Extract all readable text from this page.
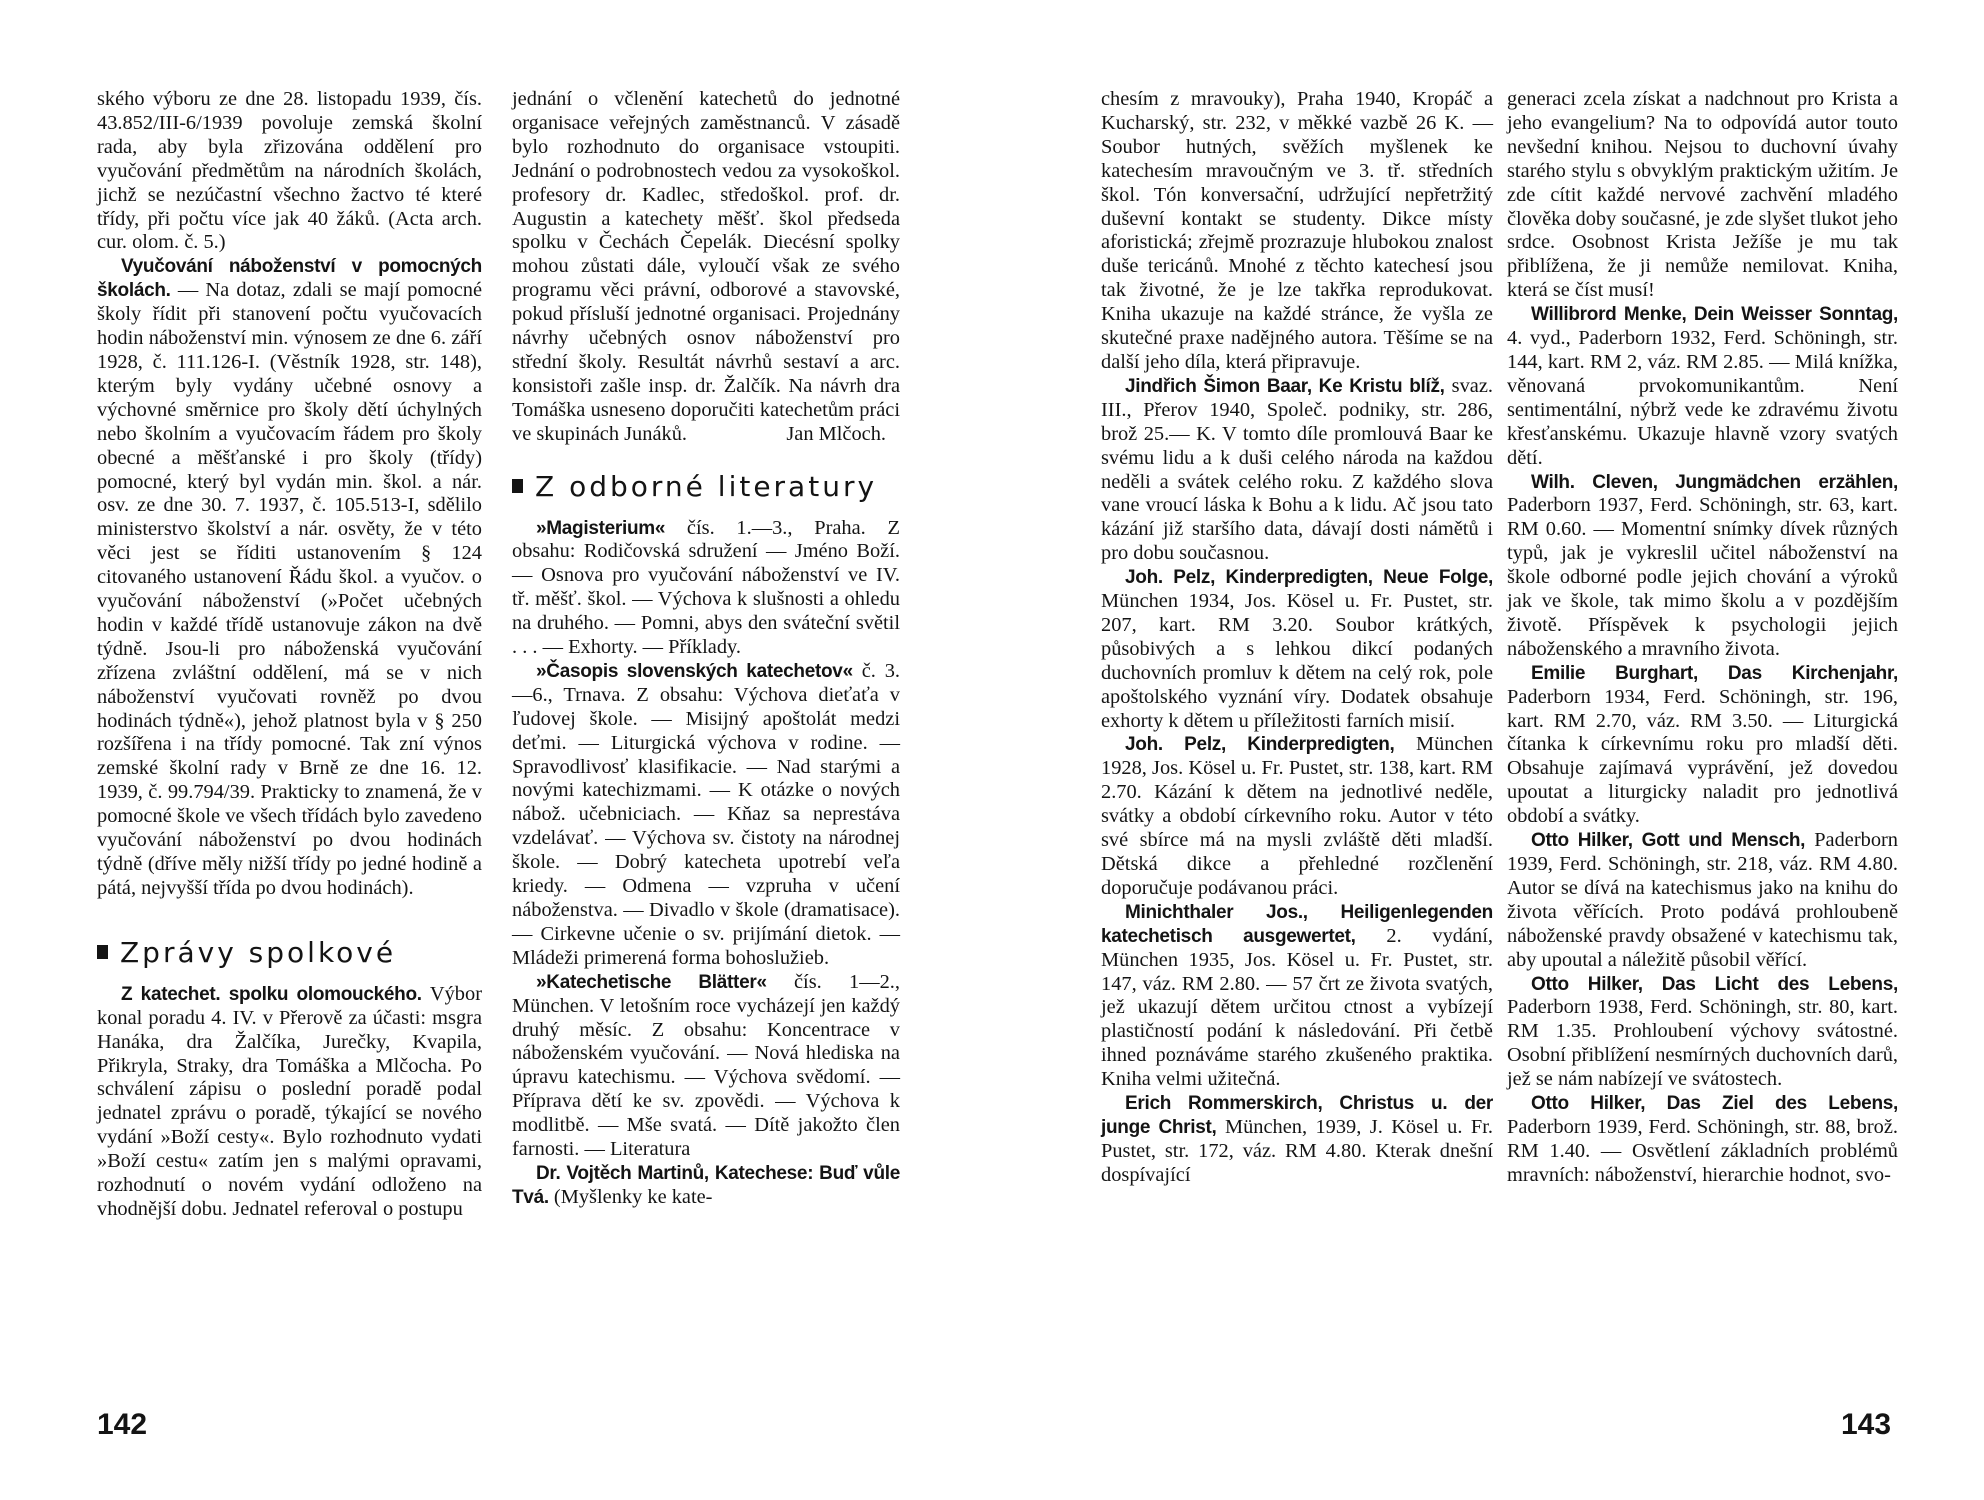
ského výboru ze dne 28. listopadu 1939, čís. 43.852/III-6/1939 povoluje zemská školní rada, aby byla zřizována oddělení pro vyučování předmětům na národních školách, jichž se nezúčastní všechno žactvo té které třídy, při počtu více jak 40 žáků. (Acta arch. cur. olom. č. 5.)

Vyučování náboženství v pomocných školách. — Na dotaz, zdali se mají pomocné školy řídit při stanovení počtu vyučovacích hodin náboženství min. výnosem ze dne 6. září 1928, č. 111.126-I. (Věstník 1928, str. 148), kterým byly vydány učebné osnovy a výchovné směrnice pro školy dětí úchylných nebo školním a vyučovacím řádem pro školy obecné a měšťanské i pro školy (třídy) pomocné, který byl vydán min. škol. a nár. osv. ze dne 30. 7. 1937, č. 105.513-I, sdělilo ministerstvo školství a nár. osvěty, že v této věci jest se říditi ustanovením § 124 citovaného ustanovení Řádu škol. a vyučov. o vyučování náboženství (»Počet učebných hodin v každé třídě ustanovuje zákon na dvě týdně. Jsou-li pro náboženská vyučování zřízena zvláštní oddělení, má se v nich náboženství vyučovati rovněž po dvou hodinách týdně«), jehož platnost byla v § 250 rozšířena i na třídy pomocné. Tak zní výnos zemské školní rady v Brně ze dne 16. 12. 1939, č. 99.794/39. Prakticky to znamená, že v pomocné škole ve všech třídách bylo zavedeno vyučování náboženství po dvou hodinách týdně (dříve měly nižší třídy po jedné hodině a pátá, nejvyšší třída po dvou hodinách).

Zprávy spolkové

Z katechet. spolku olomouckého. Výbor konal poradu 4. IV. v Přerově za účasti: msgra Hanáka, dra Žalčíka, Jurečky, Kvapila, Přikryla, Straky, dra Tomáška a Mlčocha. Po schválení zápisu o poslední poradě podal jednatel zprávu o poradě, týkající se nového vydání »Boží cesty«. Bylo rozhodnuto vydati »Boží cestu« zatím jen s malými opravami, rozhodnutí o novém vydání odloženo na vhodnější dobu. Jednatel referoval o postupu

jednání o včlenění katechetů do jednotné organisace veřejných zaměstnanců. V zásadě bylo rozhodnuto do organisace vstoupiti. Jednání o podrobnostech vedou za vysokoškol. profesory dr. Kadlec, středoškol. prof. dr. Augustin a katechety měšť. škol předseda spolku v Čechách Čepelák. Diecésní spolky mohou zůstati dále, vyloučí však ze svého programu věci právní, odborové a stavovské, pokud přísluší jednotné organisaci. Projednány návrhy učebných osnov náboženství pro střední školy. Resultát návrhů sestaví a arc. konsistoři zašle insp. dr. Žalčík. Na návrh dra Tomáška usneseno doporučiti katechetům práci ve skupinách Junáků.	Jan Mlčoch.
Z odborné literatury

»Magisterium« čís. 1.—3., Praha. Z obsahu: Rodičovská sdružení — Jméno Boží. — Osnova pro vyučování náboženství ve IV. tř. měšť. škol. — Výchova k slušnosti a ohledu na druhého. — Pomni, abys den sváteční světil . . . — Exhorty. — Příklady.

»Časopis slovenských katechetov« č. 3.—6., Trnava. Z obsahu: Výchova dieťaťa v ľudovej škole. — Misijný apoštolát medzi deťmi. — Liturgická výchova v rodine. — Spravodlivosť klasifikacie. — Nad starými a novými katechizmami. — K otázke o nových nábož. učebniciach. — Kňaz sa neprestáva vzdelávať. — Výchova sv. čistoty na národnej škole. — Dobrý katecheta upotrebí veľa kriedy. — Odmena — vzpruha v učení náboženstva. — Divadlo v škole (dramatisace). — Cirkevne učenie o sv. prijímání dietok. — Mládeži primerená forma bohoslužieb.

»Katechetische Blätter« čís. 1—2., München. V letošním roce vycházejí jen každý druhý měsíc. Z obsahu: Koncentrace v náboženském vyučování. — Nová hlediska na úpravu katechismu. — Výchova svědomí. — Příprava dětí ke sv. zpovědi. — Výchova k modlitbě. — Mše svatá. — Dítě jakožto člen farnosti. — Literatura

Dr. Vojtěch Martinů, Katechese: Buď vůle Tvá. (Myšlenky ke kate-

142

chesím z mravouky), Praha 1940, Kropáč a Kucharský, str. 232, v měkké vazbě 26 K. — Soubor hutných, svěžích myšlenek ke katechesím mravoučným ve 3. tř. středních škol. Tón konversační, udržující nepřetržitý duševní kontakt se studenty. Dikce místy aforistická; zřejmě prozrazuje hlubokou znalost duše tericánů. Mnohé z těchto katechesí jsou tak životné, že je lze takřka reprodukovat. Kniha ukazuje na každé stránce, že vyšla ze skutečné praxe nadějného autora. Těšíme se na další jeho díla, která připravuje.

Jindřich Šimon Baar, Ke Kristu blíž, svaz. III., Přerov 1940, Společ. podniky, str. 286, brož 25.— K. V tomto díle promlouvá Baar ke svému lidu a k duši celého národa na každou neděli a svátek celého roku. Z každého slova vane vroucí láska k Bohu a k lidu. Ač jsou tato kázání již staršího data, dávají dosti námětů i pro dobu současnou.

Joh. Pelz, Kinderpredigten, Neue Folge, München 1934, Jos. Kösel u. Fr. Pustet, str. 207, kart. RM 3.20. Soubor krátkých, působivých a s lehkou dikcí podaných duchovních promluv k dětem na celý rok, pole apoštolského vyznání víry. Dodatek obsahuje exhorty k dětem u příležitosti farních misií.

Joh. Pelz, Kinderpredigten, München 1928, Jos. Kösel u. Fr. Pustet, str. 138, kart. RM 2.70. Kázání k dětem na jednotlivé neděle, svátky a období církevního roku. Autor v této své sbírce má na mysli zvláště děti mladší. Dětská dikce a přehledné rozčlenění doporučuje podávanou práci.

Minichthaler Jos., Heiligenlegenden katechetisch ausgewertet, 2. vydání, München 1935, Jos. Kösel u. Fr. Pustet, str. 147, váz. RM 2.80. — 57 črt ze života svatých, jež ukazují dětem určitou ctnost a vybízejí plastičností podání k následování. Při četbě ihned poznáváme starého zkušeného praktika. Kniha velmi užitečná.

Erich Rommerskirch, Christus u. der junge Christ, München, 1939, J. Kösel u. Fr. Pustet, str. 172, váz. RM 4.80. Kterak dnešní dospívající

generaci zcela získat a nadchnout pro Krista a jeho evangelium? Na to odpovídá autor touto nevšední knihou. Nejsou to duchovní úvahy starého stylu s obvyklým praktickým užitím. Je zde cítit každé nervové zachvění mladého člověka doby současné, je zde slyšet tlukot jeho srdce. Osobnost Krista Ježíše je mu tak přiblížena, že ji nemůže nemilovat. Kniha, která se číst musí!

Willibrord Menke, Dein Weisser Sonntag, 4. vyd., Paderborn 1932, Ferd. Schöningh, str. 144, kart. RM 2, váz. RM 2.85. — Milá knížka, věnovaná prvokomunikantům. Není sentimentální, nýbrž vede ke zdravému životu křesťanskému. Ukazuje hlavně vzory svatých dětí.

Wilh. Cleven, Jungmädchen erzählen, Paderborn 1937, Ferd. Schöningh, str. 63, kart. RM 0.60. — Momentní snímky dívek různých typů, jak je vykreslil učitel náboženství na škole odborné podle jejich chování a výroků jak ve škole, tak mimo školu a v pozdějším životě. Příspěvek k psychologii jejich náboženského a mravního života.

Emilie Burghart, Das Kirchenjahr, Paderborn 1934, Ferd. Schöningh, str. 196, kart. RM 2.70, váz. RM 3.50. — Liturgická čítanka k církevnímu roku pro mladší děti. Obsahuje zajímavá vyprávění, jež dovedou upoutat a liturgicky naladit pro jednotlivá období a svátky.

Otto Hilker, Gott und Mensch, Paderborn 1939, Ferd. Schöningh, str. 218, váz. RM 4.80. Autor se dívá na katechismus jako na knihu do života věřících. Proto podává prohloubeně náboženské pravdy obsažené v katechismu tak, aby upoutal a náležitě působil věřící.

Otto Hilker, Das Licht des Lebens, Paderborn 1938, Ferd. Schöningh, str. 80, kart. RM 1.35. Prohloubení výchovy svátostné. Osobní přiblížení nesmírných duchovních darů, jež se nám nabízejí ve svátostech.

Otto Hilker, Das Ziel des Lebens, Paderborn 1939, Ferd. Schöningh, str. 88, brož. RM 1.40. — Osvětlení základních problémů mravních: náboženství, hierarchie hodnot, svo-

143
